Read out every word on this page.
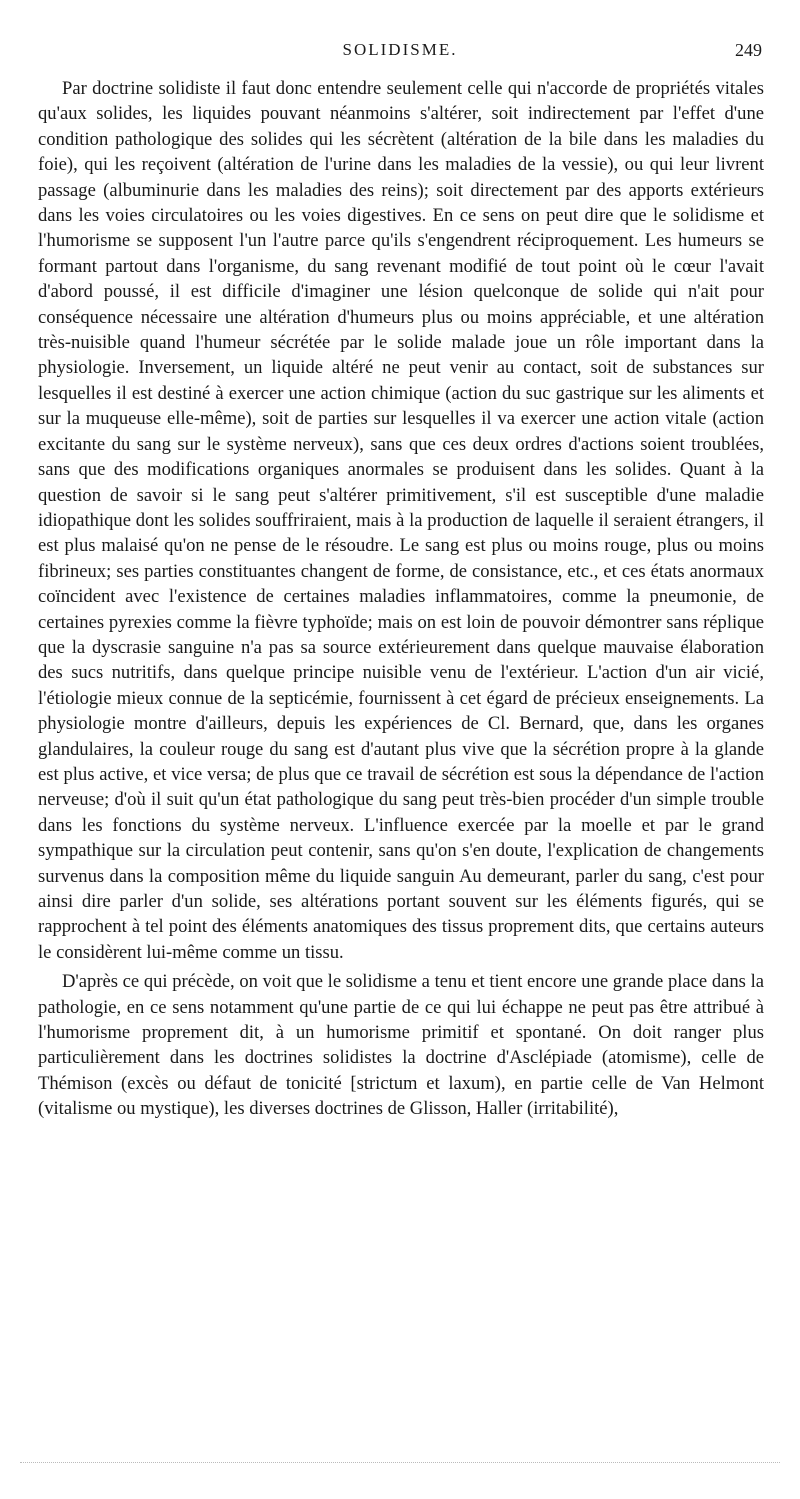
SOLIDISME.	249

Par doctrine solidiste il faut donc entendre seulement celle qui n'accorde de propriétés vitales qu'aux solides, les liquides pouvant néanmoins s'altérer, soit indirectement par l'effet d'une condition pathologique des solides qui les sécrètent (altération de la bile dans les maladies du foie), qui les reçoivent (altération de l'urine dans les maladies de la vessie), ou qui leur livrent passage (albuminurie dans les maladies des reins); soit directement par des apports extérieurs dans les voies circulatoires ou les voies digestives. En ce sens on peut dire que le solidisme et l'humorisme se supposent l'un l'autre parce qu'ils s'engendrent réciproquement. Les humeurs se formant partout dans l'organisme, du sang revenant modifié de tout point où le cœur l'avait d'abord poussé, il est difficile d'imaginer une lésion quelconque de solide qui n'ait pour conséquence nécessaire une altération d'humeurs plus ou moins appréciable, et une altération très-nuisible quand l'humeur sécrétée par le solide malade joue un rôle important dans la physiologie. Inversement, un liquide altéré ne peut venir au contact, soit de substances sur lesquelles il est destiné à exercer une action chimique (action du suc gastrique sur les aliments et sur la muqueuse elle-même), soit de parties sur lesquelles il va exercer une action vitale (action excitante du sang sur le système nerveux), sans que ces deux ordres d'actions soient troublées, sans que des modifications organiques anormales se produisent dans les solides. Quant à la question de savoir si le sang peut s'altérer primitivement, s'il est susceptible d'une maladie idiopathique dont les solides souffriraient, mais à la production de laquelle il seraient étrangers, il est plus malaisé qu'on ne pense de le résoudre. Le sang est plus ou moins rouge, plus ou moins fibrineux; ses parties constituantes changent de forme, de consistance, etc., et ces états anormaux coïncident avec l'existence de certaines maladies inflammatoires, comme la pneumonie, de certaines pyrexies comme la fièvre typhoïde; mais on est loin de pouvoir démontrer sans réplique que la dyscrasie sanguine n'a pas sa source extérieurement dans quelque mauvaise élaboration des sucs nutritifs, dans quelque principe nuisible venu de l'extérieur. L'action d'un air vicié, l'étiologie mieux connue de la septicémie, fournissent à cet égard de précieux enseignements. La physiologie montre d'ailleurs, depuis les expériences de Cl. Bernard, que, dans les organes glandulaires, la couleur rouge du sang est d'autant plus vive que la sécrétion propre à la glande est plus active, et vice versa; de plus que ce travail de sécrétion est sous la dépendance de l'action nerveuse; d'où il suit qu'un état pathologique du sang peut très-bien procéder d'un simple trouble dans les fonctions du système nerveux. L'influence exercée par la moelle et par le grand sympathique sur la circulation peut contenir, sans qu'on s'en doute, l'explication de changements survenus dans la composition même du liquide sanguin Au demeurant, parler du sang, c'est pour ainsi dire parler d'un solide, ses altérations portant souvent sur les éléments figurés, qui se rapprochent à tel point des éléments anatomiques des tissus proprement dits, que certains auteurs le considèrent lui-même comme un tissu.

D'après ce qui précède, on voit que le solidisme a tenu et tient encore une grande place dans la pathologie, en ce sens notamment qu'une partie de ce qui lui échappe ne peut pas être attribué à l'humorisme proprement dit, à un humorisme primitif et spontané. On doit ranger plus particulièrement dans les doctrines solidistes la doctrine d'Asclépiade (atomisme), celle de Thémison (excès ou défaut de tonicité [strictum et laxum), en partie celle de Van Helmont (vitalisme ou mystique), les diverses doctrines de Glisson, Haller (irritabilité),
